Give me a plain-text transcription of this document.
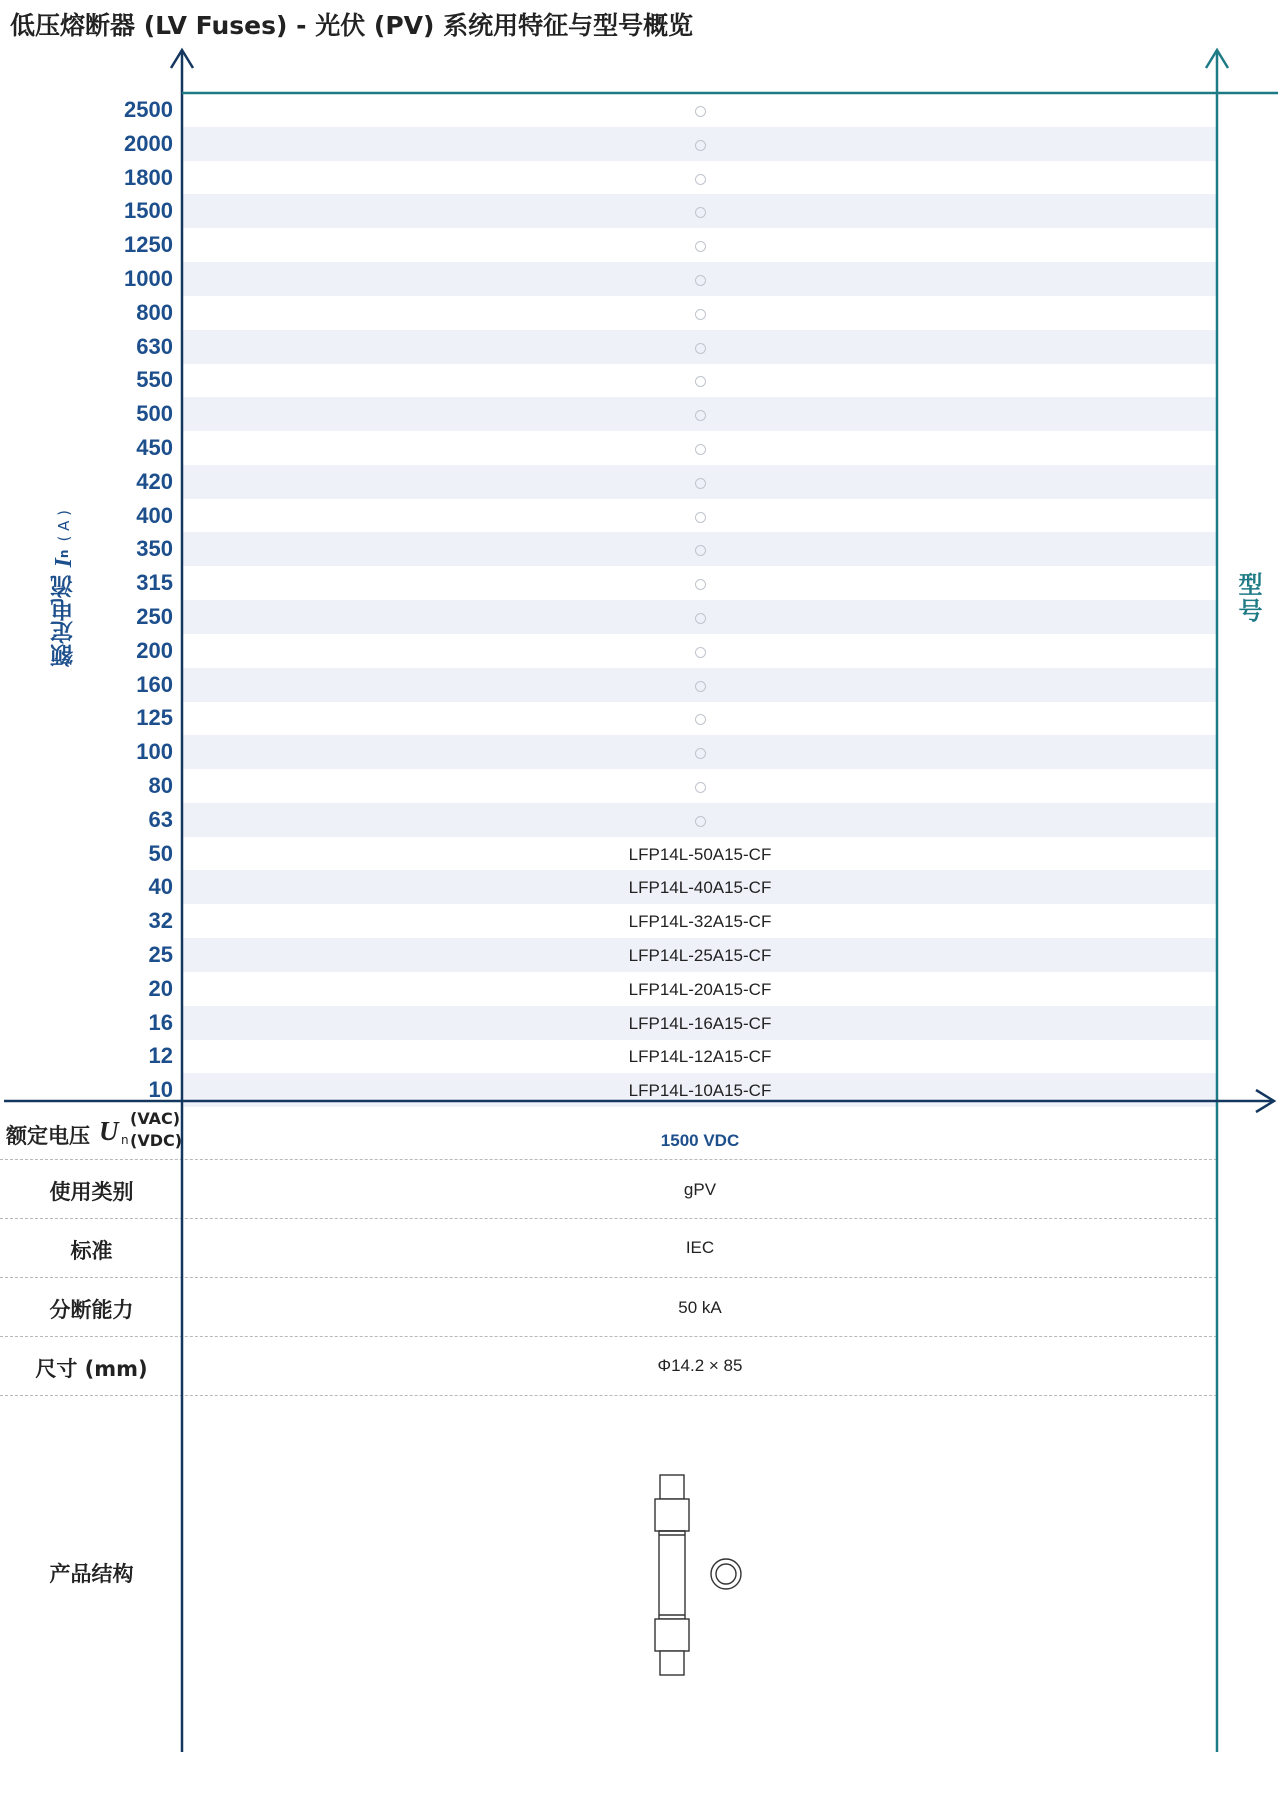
低压熔断器 (LV Fuses) - 光伏 (PV) 系统用特征与型号概览
2500
2000
1800
1500
1250
1000
800
630
550
500
450
420
400
350
315
250
200
160
125
100
80
63
50	LFP14L-50A15-CF
40	LFP14L-40A15-CF
32	LFP14L-32A15-CF
25	LFP14L-25A15-CF
20	LFP14L-20A15-CF
16	LFP14L-16A15-CF
12	LFP14L-12A15-CF
10	LFP14L-10A15-CF
额定电流 In ( A )
型号
额定电压 U n
(VAC)
(VDC)	1500 VDC
使用类别	gPV
标准	IEC
分断能力	50 kA
尺寸 (mm)	Φ14.2 × 85
产品结构
